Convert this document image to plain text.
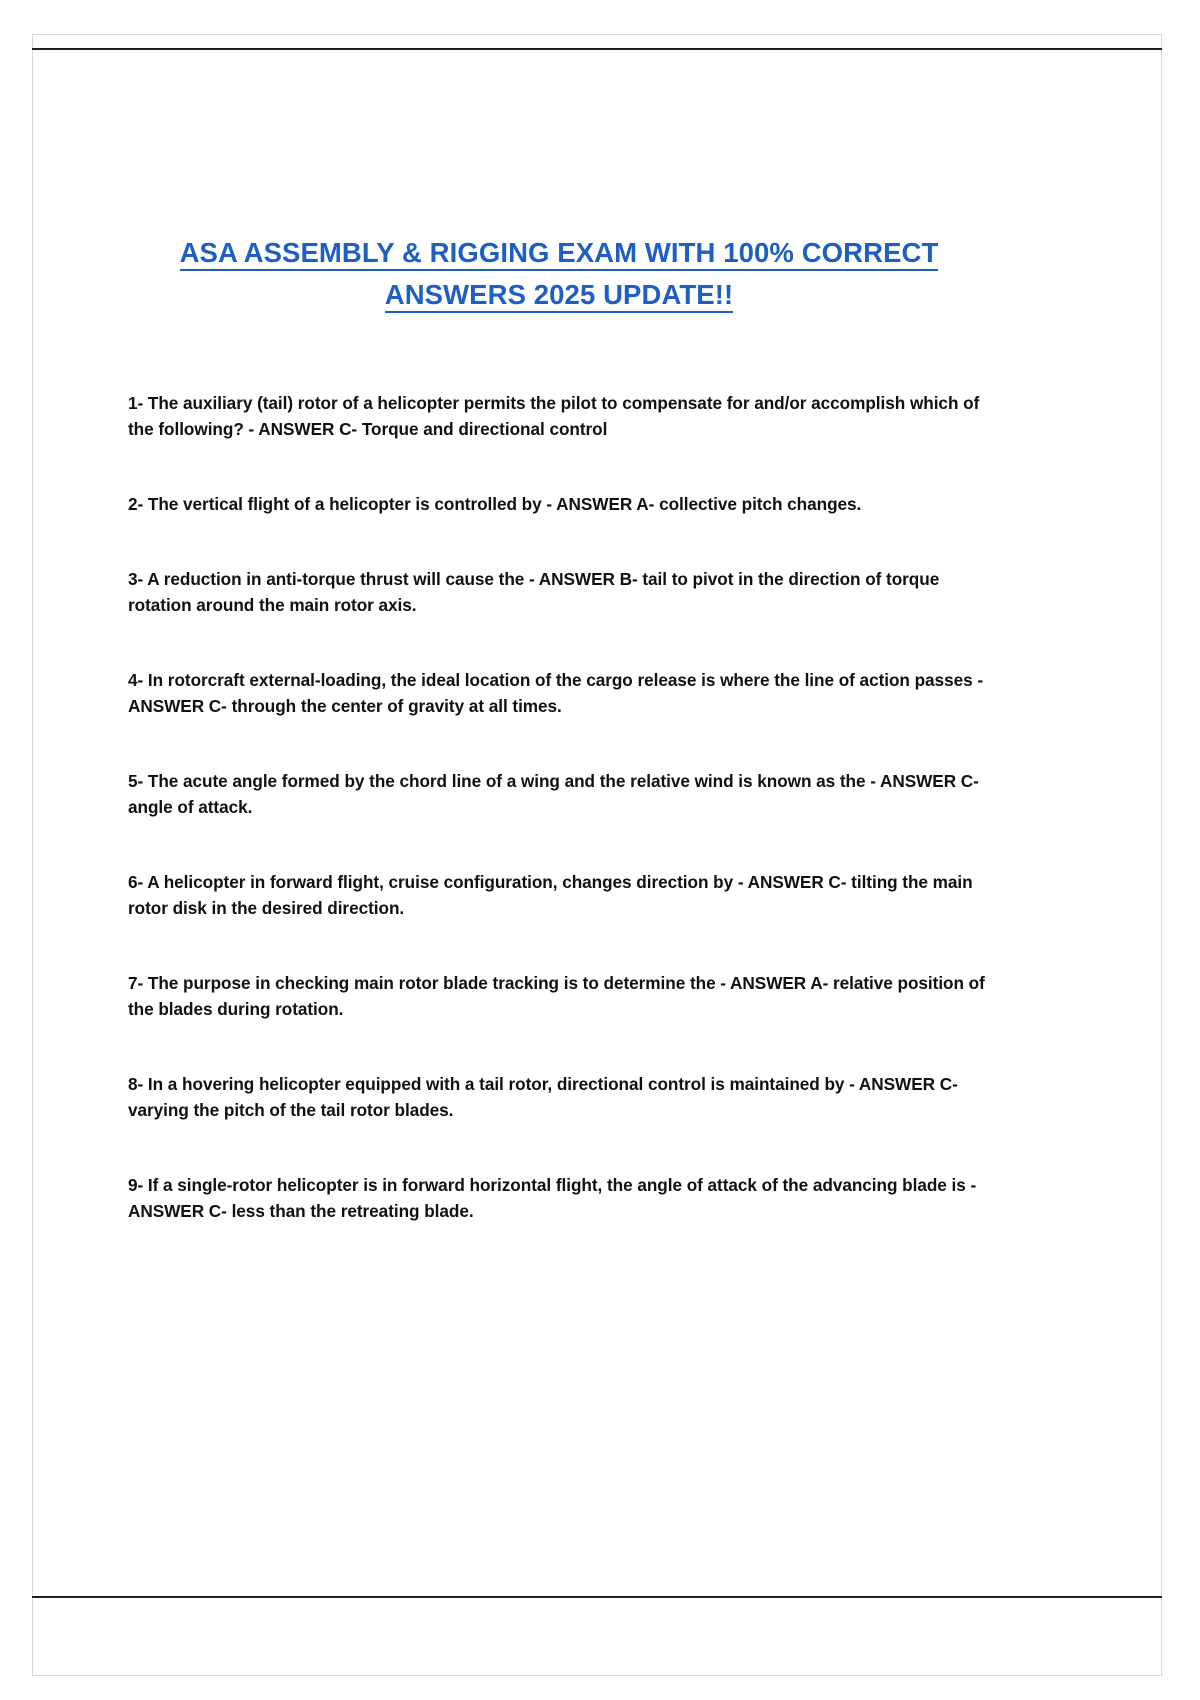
ASA ASSEMBLY & RIGGING EXAM WITH 100% CORRECT
ANSWERS 2025 UPDATE!!

1- The auxiliary (tail) rotor of a helicopter permits the pilot to compensate for and/or accomplish which of the following? - ANSWER C- Torque and directional control

2- The vertical flight of a helicopter is controlled by - ANSWER A- collective pitch changes.

3- A reduction in anti-torque thrust will cause the - ANSWER B- tail to pivot in the direction of torque rotation around the main rotor axis.

4- In rotorcraft external-loading, the ideal location of the cargo release is where the line of action passes - ANSWER C- through the center of gravity at all times.

5- The acute angle formed by the chord line of a wing and the relative wind is known as the - ANSWER C- angle of attack.

6- A helicopter in forward flight, cruise configuration, changes direction by - ANSWER C- tilting the main rotor disk in the desired direction.

7- The purpose in checking main rotor blade tracking is to determine the - ANSWER A- relative position of the blades during rotation.

8- In a hovering helicopter equipped with a tail rotor, directional control is maintained by - ANSWER C- varying the pitch of the tail rotor blades.

9- If a single-rotor helicopter is in forward horizontal flight, the angle of attack of the advancing blade is - ANSWER C- less than the retreating blade.
